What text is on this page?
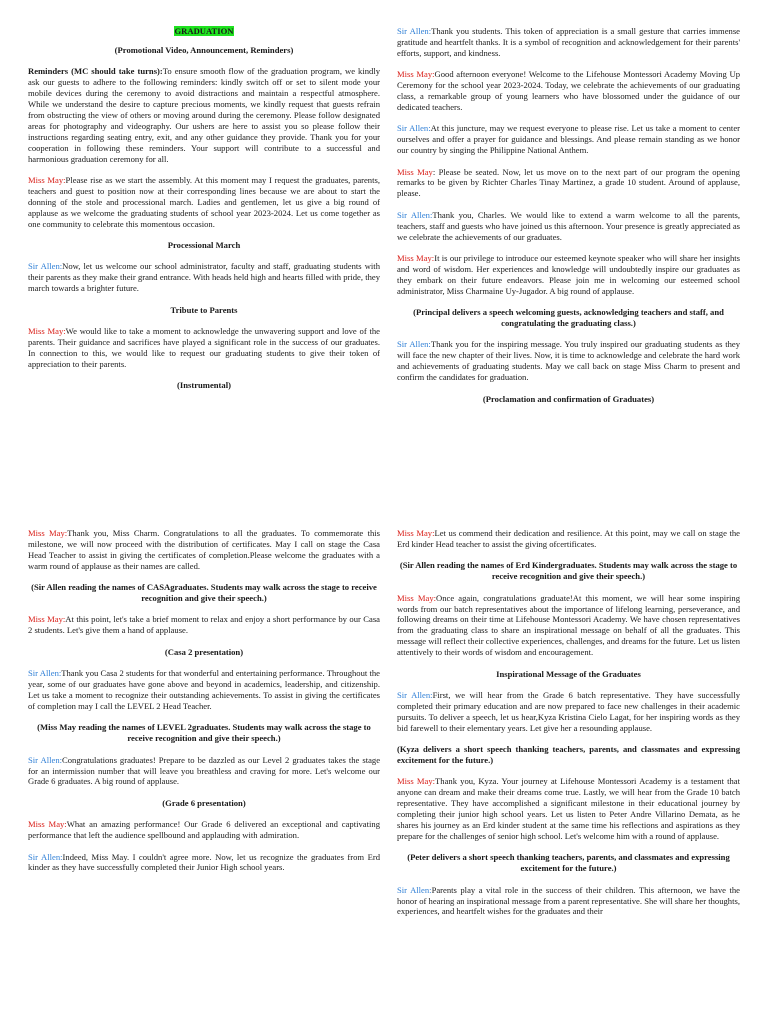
GRADUATION

(Promotional Video, Announcement, Reminders)

Reminders (MC should take turns):To ensure smooth flow of the graduation program, we kindly ask our guests to adhere to the following reminders: kindly switch off or set to silent mode your mobile devices during the ceremony to avoid distractions and maintain a respectful atmosphere. While we understand the desire to capture precious moments, we kindly request that guests refrain from obstructing the view of others or moving around during the ceremony. Please follow designated areas for photography and videography. Our ushers are here to assist you so please follow their instructions regarding seating entry, exit, and any other guidance they provide. Thank you for your cooperation in following these reminders. Your support will contribute to a successful and harmonious graduation ceremony for all.

Miss May:Please rise as we start the assembly. At this moment may I request the graduates, parents, teachers and guest to position now at their corresponding lines because we are about to start the donning of the stole and processional march. Ladies and gentlemen, let us give a big round of applause as we welcome the graduating students of school year 2023-2024. Let us come together as one community to celebrate this momentous occasion.

Processional March

Sir Allen:Now, let us welcome our school administrator, faculty and staff, graduating students with their parents as they make their grand entrance. With heads held high and hearts filled with pride, they march towards a brighter future.

Tribute to Parents

Miss May:We would like to take a moment to acknowledge the unwavering support and love of the parents. Their guidance and sacrifices have played a significant role in the success of our graduates. In connection to this, we would like to request our graduating students to give their token of appreciation to their parents.

(Instrumental)

Sir Allen:Thank you students. This token of appreciation is a small gesture that carries immense gratitude and heartfelt thanks. It is a symbol of recognition and acknowledgement for their parents' efforts, support, and kindness.

Miss May:Good afternoon everyone! Welcome to the Lifehouse Montessori Academy Moving Up Ceremony for the school year 2023-2024. Today, we celebrate the achievements of our graduating class, a remarkable group of young learners who have blossomed under the guidance of our dedicated teachers.

Sir Allen:At this juncture, may we request everyone to please rise. Let us take a moment to center ourselves and offer a prayer for guidance and blessings. And please remain standing as we honor our country by singing the Philippine National Anthem.

Miss May: Please be seated. Now, let us move on to the next part of our program the opening remarks to be given by Richter Charles Tinay Martinez, a grade 10 student. Around of applause, please.

Sir Allen:Thank you, Charles. We would like to extend a warm welcome to all the parents, teachers, staff and guests who have joined us this afternoon. Your presence is greatly appreciated as we celebrate the achievements of our graduates.

Miss May:It is our privilege to introduce our esteemed keynote speaker who will share her insights and word of wisdom. Her experiences and knowledge will undoubtedly inspire our graduates as they embark on their future endeavors. Please join me in welcoming our esteemed school administrator, Miss Charmaine Uy-Jugador. A big round of applause.

(Principal delivers a speech welcoming guests, acknowledging teachers and staff, and congratulating the graduating class.)

Sir Allen:Thank you for the inspiring message. You truly inspired our graduating students as they will face the new chapter of their lives. Now, it is time to acknowledge and celebrate the hard work and achievements of graduating students. May we call back on stage Miss Charm to present and confirm the candidates for graduation.

(Proclamation and confirmation of Graduates)

Miss May:Thank you, Miss Charm. Congratulations to all the graduates. To commemorate this milestone, we will now proceed with the distribution of certificates. May I call on stage the Casa Head Teacher to assist in giving the certificates of completion.Please welcome the graduates with a warm round of applause as their names are called.

(Sir Allen reading the names of CASAgraduates. Students may walk across the stage to receive recognition and give their speech.)

Miss May:At this point, let's take a brief moment to relax and enjoy a short performance by our Casa 2 students. Let's give them a hand of applause.

(Casa 2 presentation)

Sir Allen:Thank you Casa 2 students for that wonderful and entertaining performance. Throughout the year, some of our graduates have gone above and beyond in academics, leadership, and citizenship. Let us take a moment to recognize their outstanding achievements. To assist in giving the certificates of completion may I call the LEVEL 2 Head Teacher.

(Miss May reading the names of LEVEL 2graduates. Students may walk across the stage to receive recognition and give their speech.)

Sir Allen:Congratulations graduates! Prepare to be dazzled as our Level 2 graduates takes the stage for an intermission number that will leave you breathless and craving for more. Let's welcome our Grade 6 graduates. A big round of applause.

(Grade 6 presentation)

Miss May:What an amazing performance! Our Grade 6 delivered an exceptional and captivating performance that left the audience spellbound and applauding with admiration.

Sir Allen:Indeed, Miss May. I couldn't agree more. Now, let us recognize the graduates from Erd kinder as they have successfully completed their Junior High school years.

Miss May:Let us commend their dedication and resilience. At this point, may we call on stage the Erd kinder Head teacher to assist the giving ofcertificates.

(Sir Allen reading the names of Erd Kindergraduates. Students may walk across the stage to receive recognition and give their speech.)

Miss May:Once again, congratulations graduate!At this moment, we will hear some inspiring words from our batch representatives about the importance of lifelong learning, perseverance, and following dreams on their time at Lifehouse Montessori Academy. We have chosen representatives from the graduating class to share an inspirational message on behalf of all the graduates. This message will reflect their collective experiences, challenges, and dreams for the future. Let us listen attentively to their words of wisdom and encouragement.

Inspirational Message of the Graduates

Sir Allen:First, we will hear from the Grade 6 batch representative. They have successfully completed their primary education and are now prepared to face new challenges in their academic pursuits. To deliver a speech, let us hear,Kyza Kristina Cielo Lagat, for her inspiring words as they bid farewell to their elementary years. Let give her a resounding applause.

(Kyza delivers a short speech thanking teachers, parents, and classmates and expressing excitement for the future.)

Miss May:Thank you, Kyza. Your journey at Lifehouse Montessori Academy is a testament that anyone can dream and make their dreams come true. Lastly, we will hear from the Grade 10 batch representative. They have accomplished a significant milestone in their educational journey by completing their junior high school years. Let us listen to Peter Andre Villarino Demata, as he shares his journey as an Erd kinder student at the same time his reflections and aspirations as they prepare for the challenges of senior high school. Let's welcome him with a round of applause.

(Peter delivers a short speech thanking teachers, parents, and classmates and expressing excitement for the future.)

Sir Allen:Parents play a vital role in the success of their children. This afternoon, we have the honor of hearing an inspirational message from a parent representative. She will share her thoughts, experiences, and heartfelt wishes for the graduates and their
